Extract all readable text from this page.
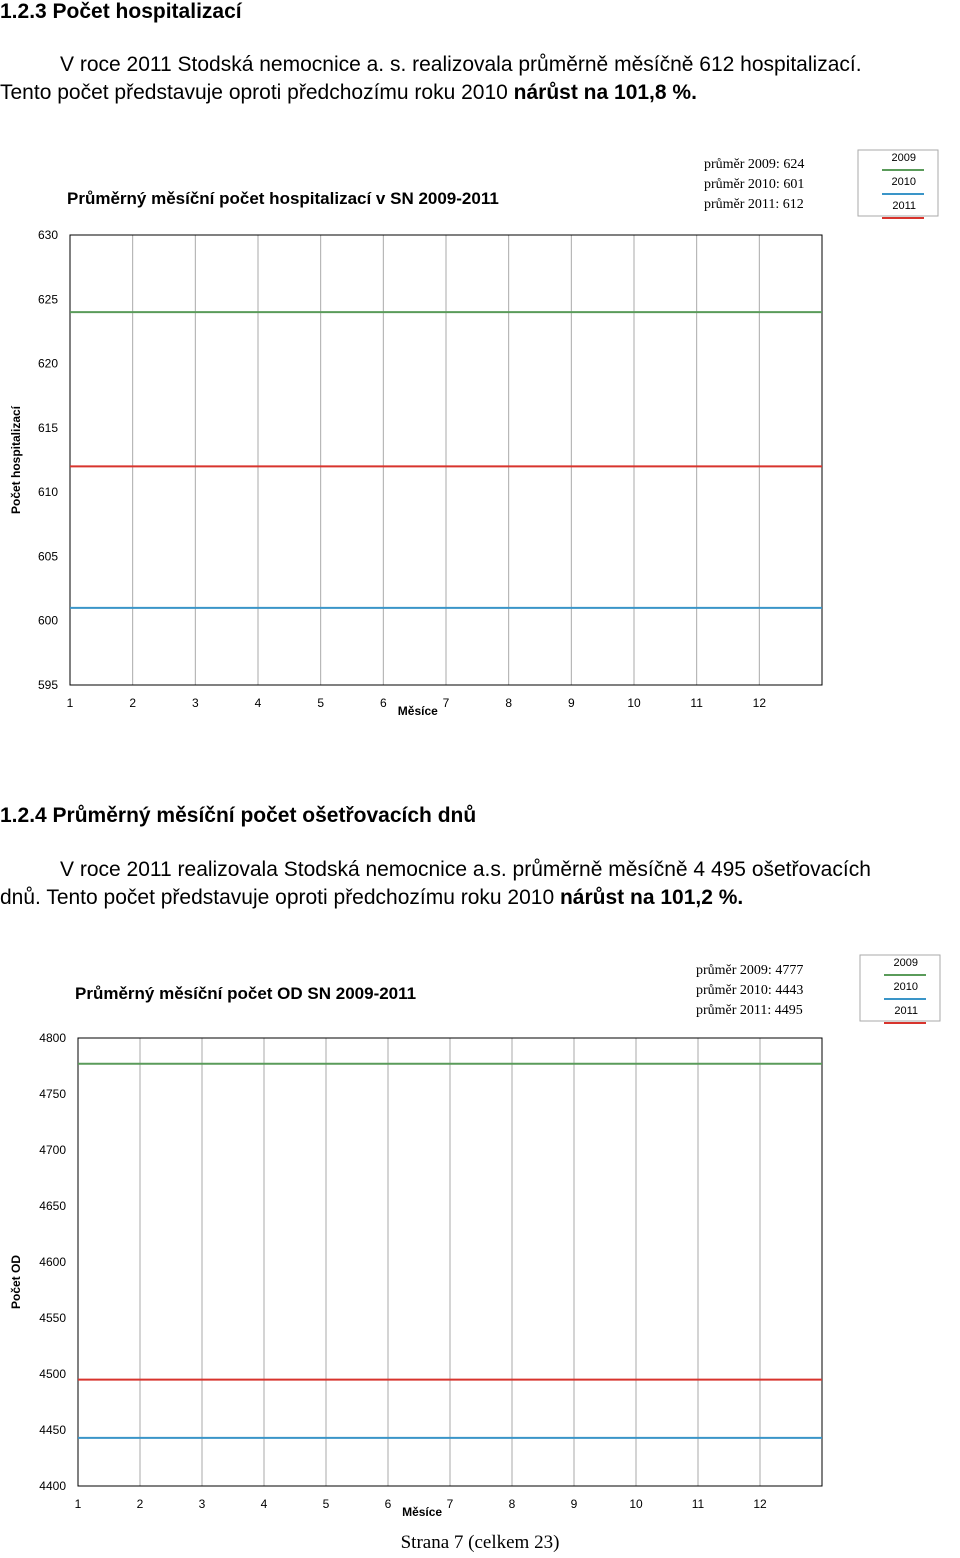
1.2.3 Počet hospitalizací
V roce 2011 Stodská nemocnice a. s. realizovala průměrně měsíčně 612 hospitalizací.
Tento počet představuje oproti předchozímu roku 2010 nárůst na 101,8 %.
Průměrný měsíční počet hospitalizací v SN 2009-2011
průměr 2009: 624
průměr 2010: 601
průměr 2011: 612
2009
2010
2011
595
600
605
610
615
620
625
630
1	2	3	4	5	6	7	8	9	10	11	12
Měsíce
Počet hospitalizací
1.2.4 Průměrný měsíční počet ošetřovacích dnů
V roce 2011 realizovala Stodská nemocnice a.s. průměrně měsíčně 4 495 ošetřovacích
dnů. Tento počet představuje oproti předchozímu roku 2010 nárůst na 101,2 %.
Průměrný měsíční počet OD SN 2009-2011
průměr 2009: 4777
průměr 2010: 4443
průměr 2011: 4495
2009
2010
2011
4400
4450
4500
4550
4600
4650
4700
4750
4800
1	2	3	4	5	6	7	8	9	10	11	12
Měsíce
Počet OD
Strana 7 (celkem 23)
